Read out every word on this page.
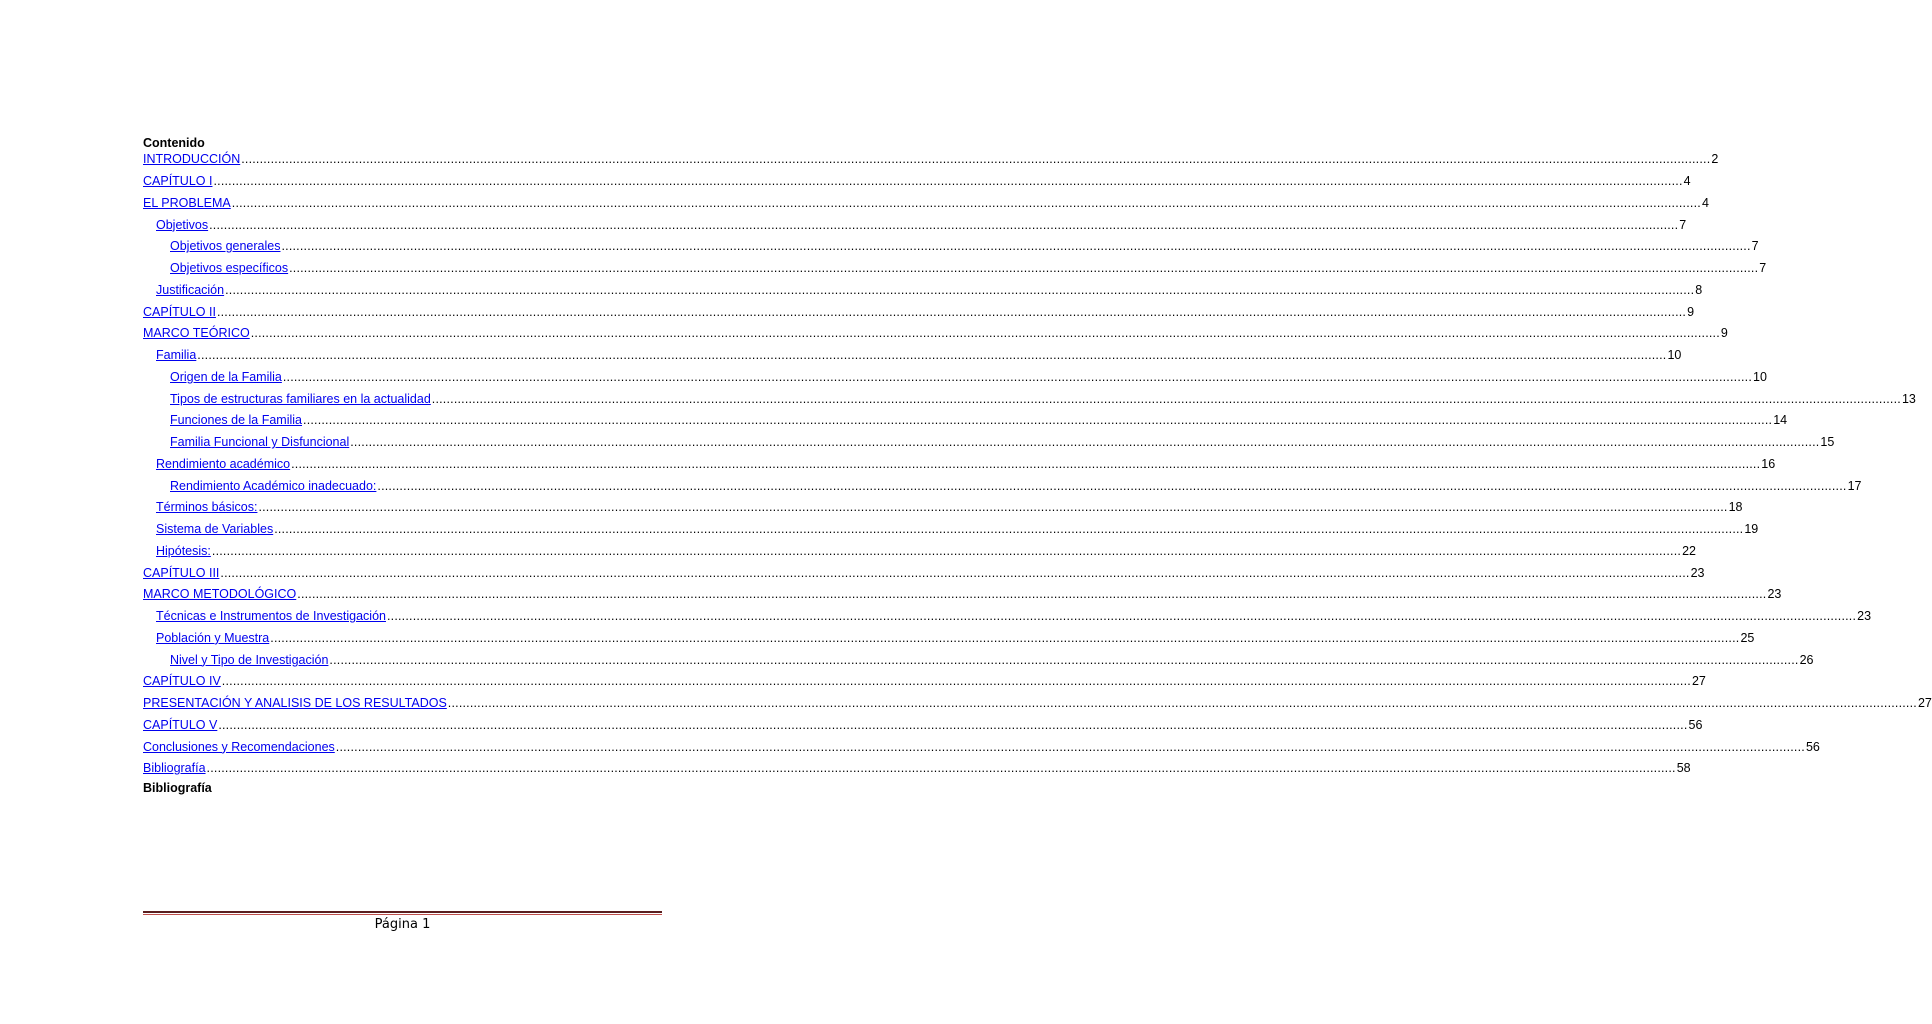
Contenido
INTRODUCCIÓN ................................................................................................................................................................................................................................................................................................................................................................................................................ 2
CAPÍTULO I ................................................................................................................................................................................................................................................................................................................................................................................................................ 4
EL PROBLEMA ................................................................................................................................................................................................................................................................................................................................................................................................................ 4
Objetivos ................................................................................................................................................................................................................................................................................................................................................................................................................ 7
Objetivos generales ................................................................................................................................................................................................................................................................................................................................................................................................................ 7
Objetivos específicos ................................................................................................................................................................................................................................................................................................................................................................................................................ 7
Justificación ................................................................................................................................................................................................................................................................................................................................................................................................................ 8
CAPÍTULO II ................................................................................................................................................................................................................................................................................................................................................................................................................ 9
MARCO TEÓRICO ................................................................................................................................................................................................................................................................................................................................................................................................................ 9
Familia ................................................................................................................................................................................................................................................................................................................................................................................................................ 10
Origen de la Familia ................................................................................................................................................................................................................................................................................................................................................................................................................ 10
Tipos de estructuras familiares en la actualidad ................................................................................................................................................................................................................................................................................................................................................................................................................ 13
Funciones de la Familia ................................................................................................................................................................................................................................................................................................................................................................................................................ 14
Familia Funcional y Disfuncional ................................................................................................................................................................................................................................................................................................................................................................................................................ 15
Rendimiento académico ................................................................................................................................................................................................................................................................................................................................................................................................................ 16
Rendimiento Académico inadecuado: ................................................................................................................................................................................................................................................................................................................................................................................................................ 17
Términos básicos: ................................................................................................................................................................................................................................................................................................................................................................................................................ 18
Sistema de Variables ................................................................................................................................................................................................................................................................................................................................................................................................................ 19
Hipótesis: ................................................................................................................................................................................................................................................................................................................................................................................................................ 22
CAPÍTULO III ................................................................................................................................................................................................................................................................................................................................................................................................................ 23
MARCO METODOLÓGICO ................................................................................................................................................................................................................................................................................................................................................................................................................ 23
Técnicas e Instrumentos de Investigación ................................................................................................................................................................................................................................................................................................................................................................................................................ 23
Población y Muestra ................................................................................................................................................................................................................................................................................................................................................................................................................ 25
Nivel y Tipo de Investigación ................................................................................................................................................................................................................................................................................................................................................................................................................ 26
CAPÍTULO IV ................................................................................................................................................................................................................................................................................................................................................................................................................ 27
PRESENTACIÓN Y ANALISIS DE LOS RESULTADOS ................................................................................................................................................................................................................................................................................................................................................................................................................ 27
CAPÍTULO V ................................................................................................................................................................................................................................................................................................................................................................................................................ 56
Conclusiones y Recomendaciones ................................................................................................................................................................................................................................................................................................................................................................................................................ 56
Bibliografía ................................................................................................................................................................................................................................................................................................................................................................................................................ 58
Bibliografía
Página 1
